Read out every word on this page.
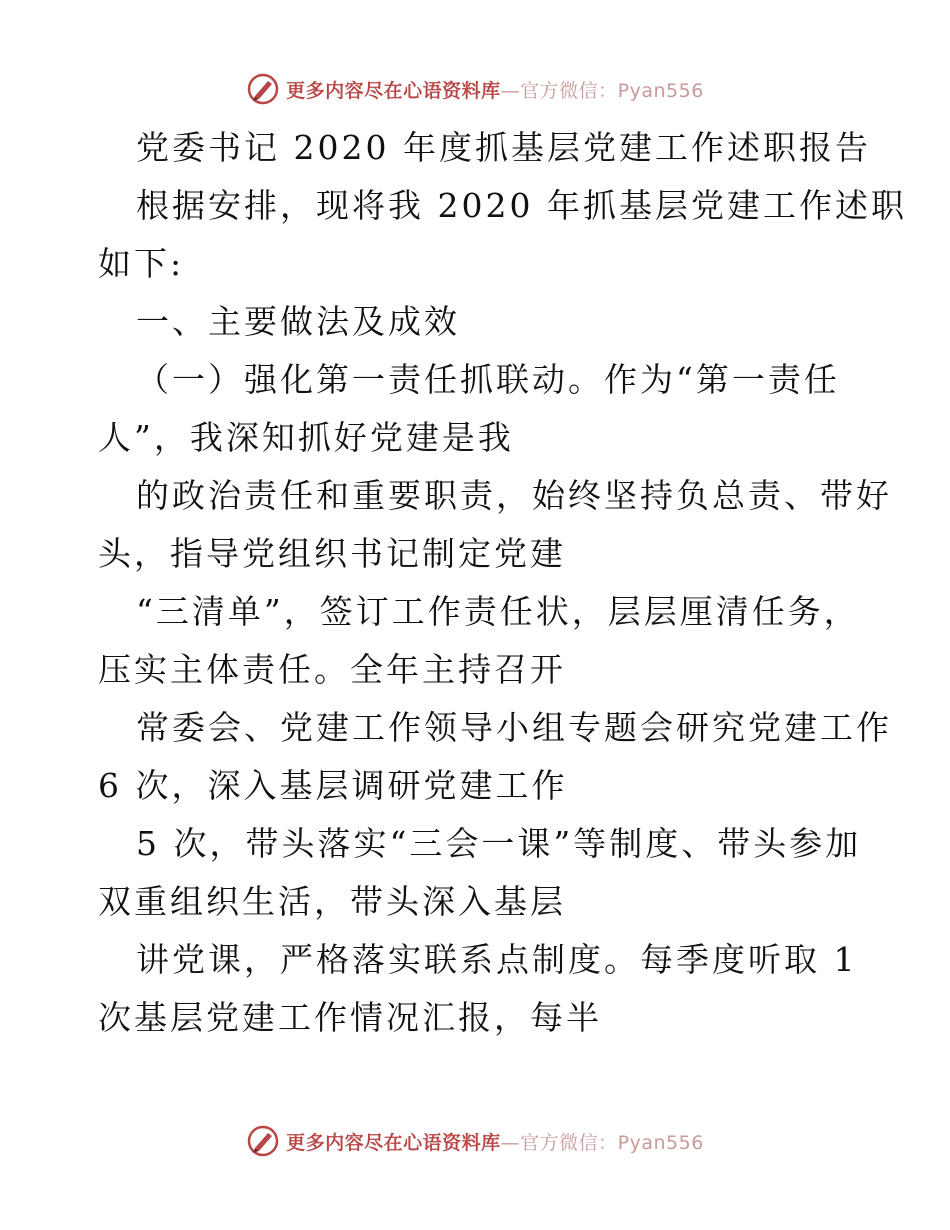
更多内容尽在心语资料库—官方微信：Pyan556
党委书记 2020 年度抓基层党建工作述职报告
根据安排，现将我 2020 年抓基层党建工作述职
如下:
一、主要做法及成效
（一）强化第一责任抓联动。作为“第一责任
人”，我深知抓好党建是我
的政治责任和重要职责，始终坚持负总责、带好
头，指导党组织书记制定党建
“三清单”，签订工作责任状，层层厘清任务，
压实主体责任。全年主持召开
常委会、党建工作领导小组专题会研究党建工作
6 次，深入基层调研党建工作
5 次，带头落实“三会一课”等制度、带头参加
双重组织生活，带头深入基层
讲党课，严格落实联系点制度。每季度听取 1
次基层党建工作情况汇报，每半
更多内容尽在心语资料库—官方微信：Pyan556
